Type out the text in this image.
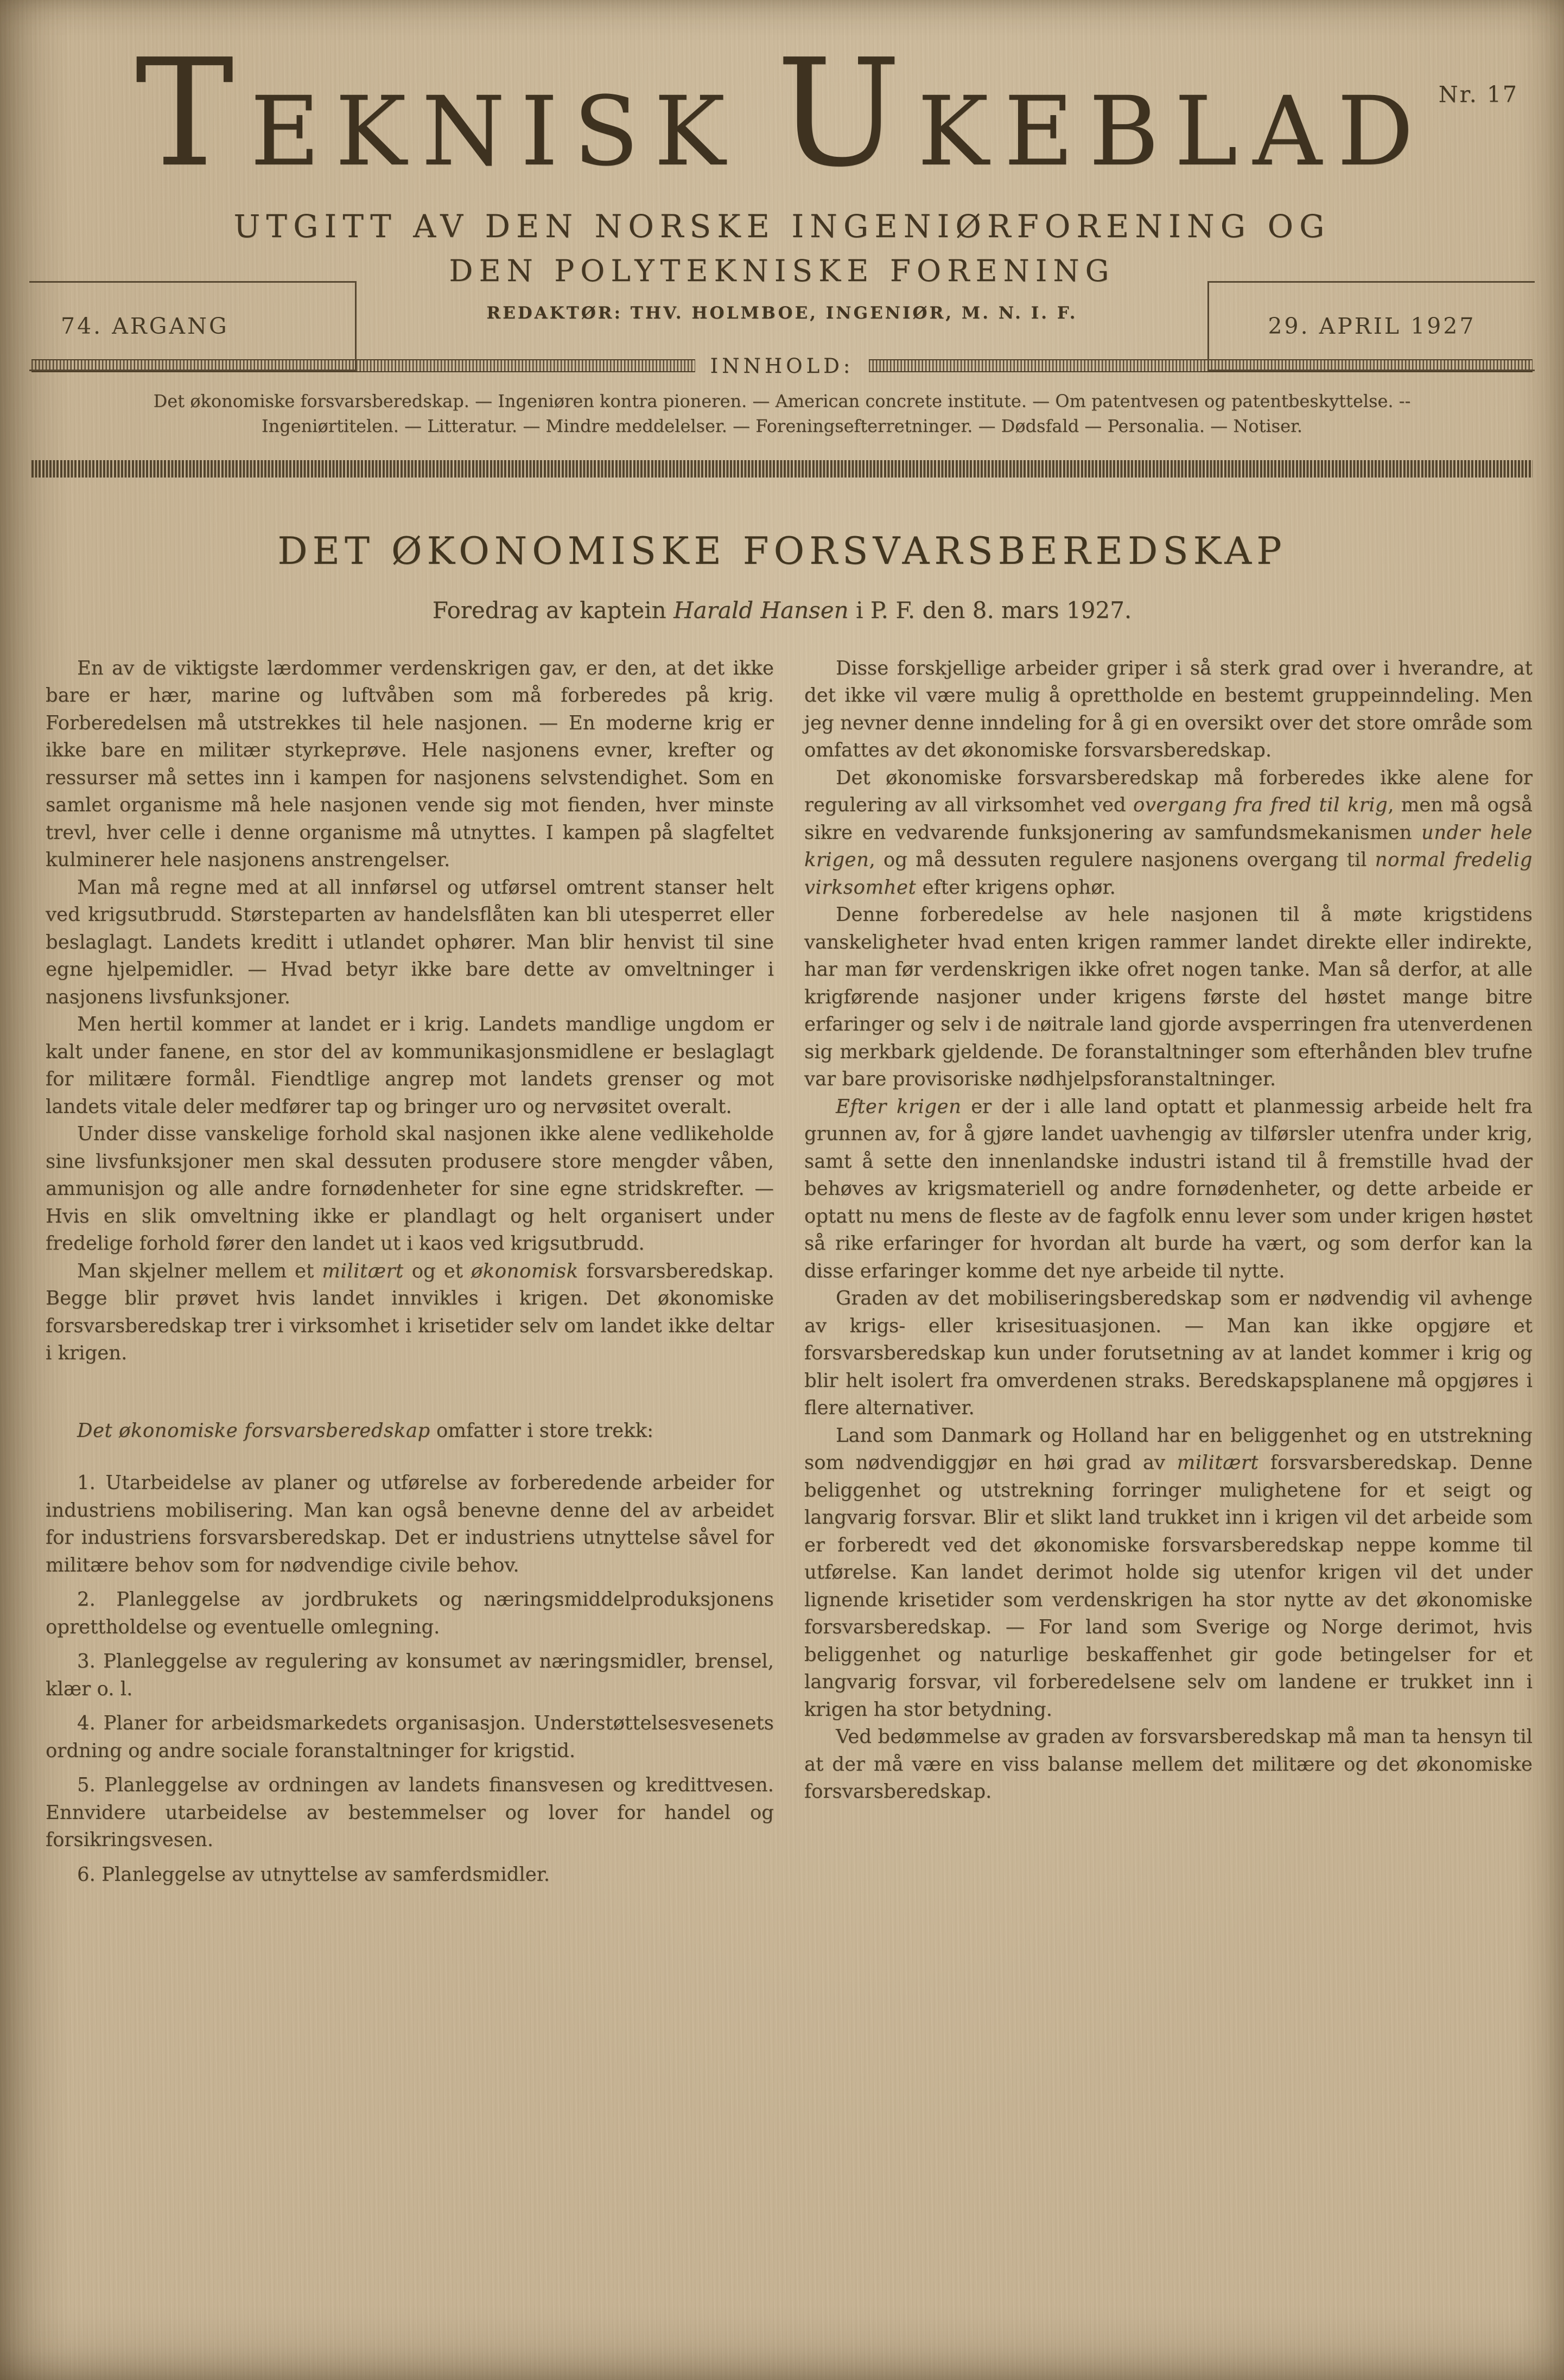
TEKNISK UKEBLAD Nr. 17
UTGITT AV DEN NORSKE INGENIØRFORENING OG
DEN POLYTEKNISKE FORENING
REDAKTØR: THV. HOLMBOE, INGENIØR, M. N. I. F.
74. ARGANG	29. APRIL 1927
INNHOLD:
Det økonomiske forsvarsberedskap. — Ingeniøren kontra pioneren. — American concrete institute. — Om patentvesen og patentbeskyttelse. --
Ingeniørtitelen. — Litteratur. — Mindre meddelelser. — Foreningsefterretninger. — Dødsfald — Personalia. — Notiser.
DET ØKONOMISKE FORSVARSBEREDSKAP
Foredrag av kaptein Harald Hansen i P. F. den 8. mars 1927.

En av de viktigste lærdommer verdenskrigen gav, er den, at det ikke bare er hær, marine og luftvåben som må forberedes på krig. Forberedelsen må utstrekkes til hele nasjonen. — En moderne krig er ikke bare en militær styrkeprøve. Hele nasjonens evner, krefter og ressurser må settes inn i kampen for nasjonens selvstendighet. Som en samlet organisme må hele nasjonen vende sig mot fienden, hver minste trevl, hver celle i denne organisme må utnyttes. I kampen på slagfeltet kulminerer hele nasjonens anstrengelser.

Man må regne med at all innførsel og utførsel omtrent stanser helt ved krigsutbrudd. Størsteparten av handelsflåten kan bli utesperret eller beslaglagt. Landets kreditt i utlandet ophører. Man blir henvist til sine egne hjelpemidler. — Hvad betyr ikke bare dette av omveltninger i nasjonens livsfunksjoner.

Men hertil kommer at landet er i krig. Landets mandlige ungdom er kalt under fanene, en stor del av kommunikasjonsmidlene er beslaglagt for militære formål. Fiendtlige angrep mot landets grenser og mot landets vitale deler medfører tap og bringer uro og nervøsitet overalt.

Under disse vanskelige forhold skal nasjonen ikke alene vedlikeholde sine livsfunksjoner men skal dessuten produsere store mengder våben, ammunisjon og alle andre fornødenheter for sine egne stridskrefter. — Hvis en slik omveltning ikke er plandlagt og helt organisert under fredelige forhold fører den landet ut i kaos ved krigsutbrudd.

Man skjelner mellem et militært og et økonomisk forsvarsberedskap. Begge blir prøvet hvis landet innvikles i krigen. Det økonomiske forsvarsberedskap trer i virksomhet i krisetider selv om landet ikke deltar i krigen.

Det økonomiske forsvarsberedskap omfatter i store trekk:

1. Utarbeidelse av planer og utførelse av forberedende arbeider for industriens mobilisering. Man kan også benevne denne del av arbeidet for industriens forsvarsberedskap. Det er industriens utnyttelse såvel for militære behov som for nødvendige civile behov.

2. Planleggelse av jordbrukets og næringsmiddelproduksjonens oprettholdelse og eventuelle omlegning.

3. Planleggelse av regulering av konsumet av næringsmidler, brensel, klær o. l.

4. Planer for arbeidsmarkedets organisasjon. Understøttelsesvesenets ordning og andre sociale foranstaltninger for krigstid.

5. Planleggelse av ordningen av landets finansvesen og kredittvesen. Ennvidere utarbeidelse av bestemmelser og lover for handel og forsikringsvesen.

6. Planleggelse av utnyttelse av samferdsmidler.

Disse forskjellige arbeider griper i så sterk grad over i hverandre, at det ikke vil være mulig å oprettholde en bestemt gruppeinndeling. Men jeg nevner denne inndeling for å gi en oversikt over det store område som omfattes av det økonomiske forsvarsberedskap.

Det økonomiske forsvarsberedskap må forberedes ikke alene for regulering av all virksomhet ved overgang fra fred til krig, men må også sikre en vedvarende funksjonering av samfundsmekanismen under hele krigen, og må dessuten regulere nasjonens overgang til normal fredelig virksomhet efter krigens ophør.

Denne forberedelse av hele nasjonen til å møte krigstidens vanskeligheter hvad enten krigen rammer landet direkte eller indirekte, har man før verdenskrigen ikke ofret nogen tanke. Man så derfor, at alle krigførende nasjoner under krigens første del høstet mange bitre erfaringer og selv i de nøitrale land gjorde avsperringen fra utenverdenen sig merkbark gjeldende. De foranstaltninger som efterhånden blev trufne var bare provisoriske nødhjelpsforanstaltninger.

Efter krigen er der i alle land optatt et planmessig arbeide helt fra grunnen av, for å gjøre landet uavhengig av tilførsler utenfra under krig, samt å sette den innenlandske industri istand til å fremstille hvad der behøves av krigsmateriell og andre fornødenheter, og dette arbeide er optatt nu mens de fleste av de fagfolk ennu lever som under krigen høstet så rike erfaringer for hvordan alt burde ha vært, og som derfor kan la disse erfaringer komme det nye arbeide til nytte.

Graden av det mobiliseringsberedskap som er nødvendig vil avhenge av krigs- eller krisesituasjonen. — Man kan ikke opgjøre et forsvarsberedskap kun under forutsetning av at landet kommer i krig og blir helt isolert fra omverdenen straks. Beredskapsplanene må opgjøres i flere alternativer.

Land som Danmark og Holland har en beliggenhet og en utstrekning som nødvendiggjør en høi grad av militært forsvarsberedskap. Denne beliggenhet og utstrekning forringer mulighetene for et seigt og langvarig forsvar. Blir et slikt land trukket inn i krigen vil det arbeide som er forberedt ved det økonomiske forsvarsberedskap neppe komme til utførelse. Kan landet derimot holde sig utenfor krigen vil det under lignende krisetider som verdenskrigen ha stor nytte av det økonomiske forsvarsberedskap. — For land som Sverige og Norge derimot, hvis beliggenhet og naturlige beskaffenhet gir gode betingelser for et langvarig forsvar, vil forberedelsene selv om landene er trukket inn i krigen ha stor betydning.

Ved bedømmelse av graden av forsvarsberedskap må man ta hensyn til at der må være en viss balanse mellem det militære og det økonomiske forsvarsberedskap.
